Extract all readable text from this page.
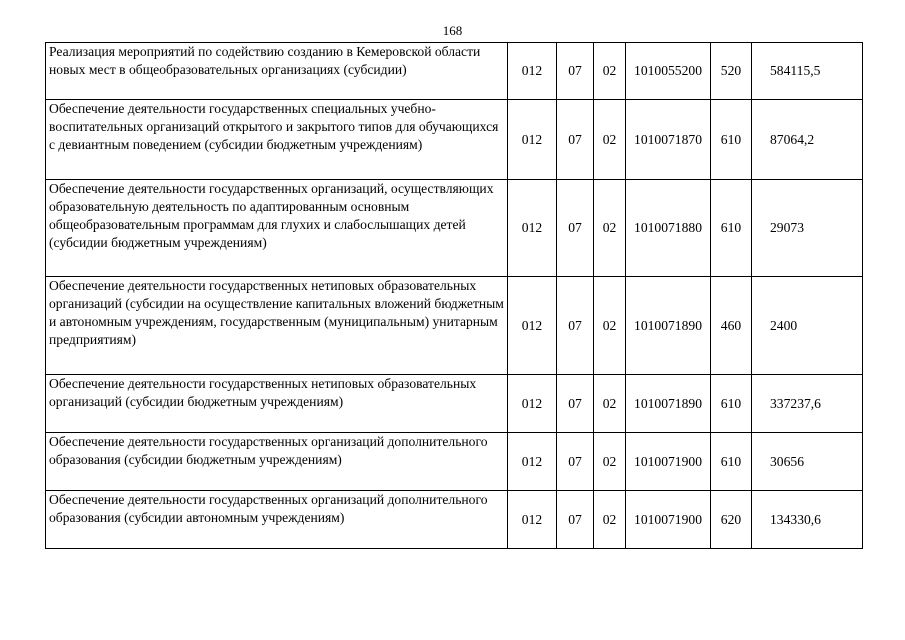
168
Реализация мероприятий по содействию созданию в Кемеровской области новых мест в общеобразовательных организациях (субсидии)	012	07	02	1010055200	520	584115,5
Обеспечение деятельности государственных специальных учебно-воспитательных организаций открытого и закрытого типов для обучающихся с девиантным поведением (субсидии бюджетным учреждениям)	012	07	02	1010071870	610	87064,2
Обеспечение деятельности государственных организаций, осуществляющих образовательную деятельность по адаптированным основным общеобразовательным программам для глухих и слабослышащих детей (субсидии бюджетным учреждениям)	012	07	02	1010071880	610	29073
Обеспечение деятельности государственных нетиповых образовательных организаций (субсидии на осуществление капитальных вложений бюджетным и автономным учреждениям, государственным (муниципальным) унитарным предприятиям)	012	07	02	1010071890	460	2400
Обеспечение деятельности государственных нетиповых образовательных организаций (субсидии бюджетным учреждениям)	012	07	02	1010071890	610	337237,6
Обеспечение деятельности государственных организаций дополнительного образования (субсидии бюджетным учреждениям)	012	07	02	1010071900	610	30656
Обеспечение деятельности государственных организаций дополнительного образования (субсидии автономным учреждениям)	012	07	02	1010071900	620	134330,6
